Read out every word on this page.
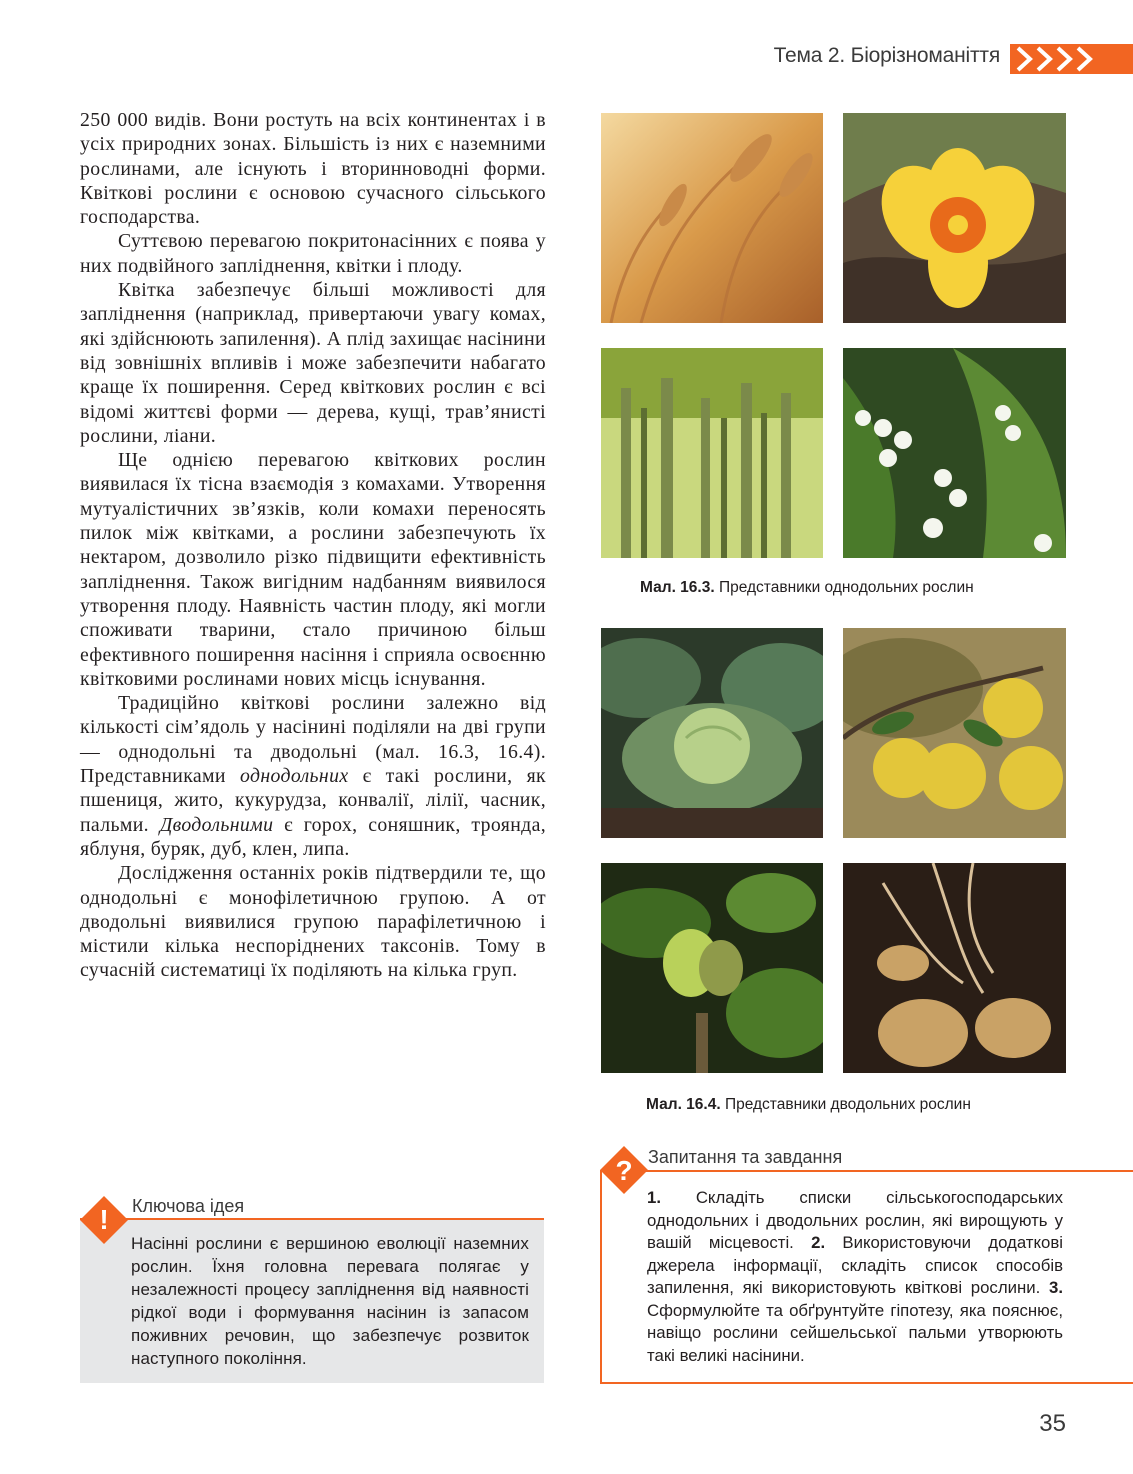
Тема 2. Біорізноманіття

250 000 видів. Вони ростуть на всіх континентах і в усіх природних зонах. Більшість із них є наземними рослинами, але існують і вторинноводні форми. Квіткові рослини є основою сучасного сільського господарства.

Суттєвою перевагою покритонасінних є поява у них подвійного запліднення, квітки і плоду.

Квітка забезпечує більші можливості для запліднення (наприклад, привертаючи увагу комах, які здійснюють запилення). А плід захищає насінини від зовнішніх впливів і може забезпечити набагато краще їх поширення. Серед квіткових рослин є всі відомі життєві форми — дерева, кущі, трав’янисті рослини, ліани.

Ще однією перевагою квіткових рослин виявилася їх тісна взаємодія з комахами. Утворення мутуалістичних зв’язків, коли комахи переносять пилок між квітками, а рослини забезпечують їх нектаром, дозволило різко підвищити ефективність запліднення. Також вигідним надбанням виявилося утворення плоду. Наявність частин плоду, які могли споживати тварини, стало причиною більш ефективного поширення насіння і сприяла освоєнню квітковими рослинами нових місць існування.

Традиційно квіткові рослини залежно від кількості сім’ядоль у насінині поділяли на дві групи — однодольні та дводольні (мал. 16.3, 16.4). Представниками однодольних є такі рослини, як пшениця, жито, кукурудза, конвалії, лілії, часник, пальми. Дводольними є горох, соняшник, троянда, яблуня, буряк, дуб, клен, липа.

Дослідження останніх років підтвердили те, що однодольні є монофілетичною групою. А от дводольні виявилися групою парафілетичною і містили кілька неспоріднених таксонів. Тому в сучасній систематиці їх поділяють на кілька груп.

Мал. 16.3. Представники однодольних рослин
Мал. 16.4. Представники дводольних рослин
! Ключова ідея
Насінні рослини є вершиною еволюції наземних рослин. Їхня головна перевага полягає у незалежності процесу запліднення від наявності рідкої води і формування насінин із запасом поживних речовин, що забезпечує розвиток наступного покоління.
? Запитання та завдання
1. Складіть списки сільськогосподарських однодольних і дводольних рослин, які вирощують у вашій місцевості. 2. Використовуючи додаткові джерела інформації, складіть список способів запилення, які використовують квіткові рослини. 3. Сформулюйте та обґрунтуйте гіпотезу, яка пояснює, навіщо рослини сейшельської пальми утворюють такі великі насінини.
35
